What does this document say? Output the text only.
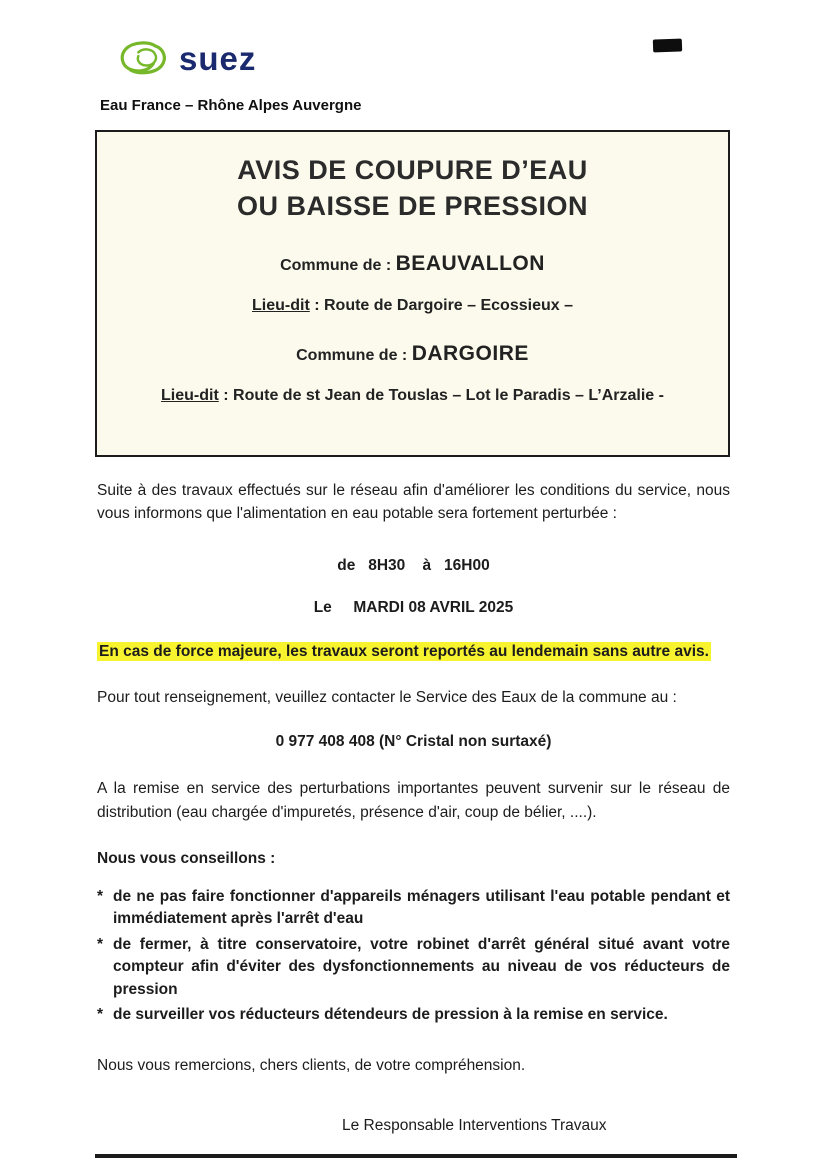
suez
Eau France – Rhône Alpes Auvergne
AVIS DE COUPURE D’EAU
OU BAISSE DE PRESSION
Commune de : BEAUVALLON
Lieu-dit : Route de Dargoire – Ecossieux –
Commune de : DARGOIRE
Lieu-dit : Route de st Jean de Touslas – Lot le Paradis – L’Arzalie -

Suite à des travaux effectués sur le réseau afin d'améliorer les conditions du service, nous vous informons que l'alimentation en eau potable sera fortement perturbée :

de   8H30    à   16H00

Le     MARDI 08 AVRIL 2025

En cas de force majeure, les travaux seront reportés au lendemain sans autre avis.

Pour tout renseignement, veuillez contacter le Service des Eaux de la commune au :

0 977 408 408 (N° Cristal non surtaxé)

A la remise en service des perturbations importantes peuvent survenir sur le réseau de distribution (eau chargée d'impuretés, présence d'air, coup de bélier, ....).

Nous vous conseillons :

* de ne pas faire fonctionner d'appareils ménagers utilisant l'eau potable pendant et immédiatement après l'arrêt d'eau
* de fermer, à titre conservatoire, votre robinet d'arrêt général situé avant votre compteur afin d'éviter des dysfonctionnements au niveau de vos réducteurs de pression
* de surveiller vos réducteurs détendeurs de pression à la remise en service.

Nous vous remercions, chers clients, de votre compréhension.

Le Responsable Interventions Travaux
